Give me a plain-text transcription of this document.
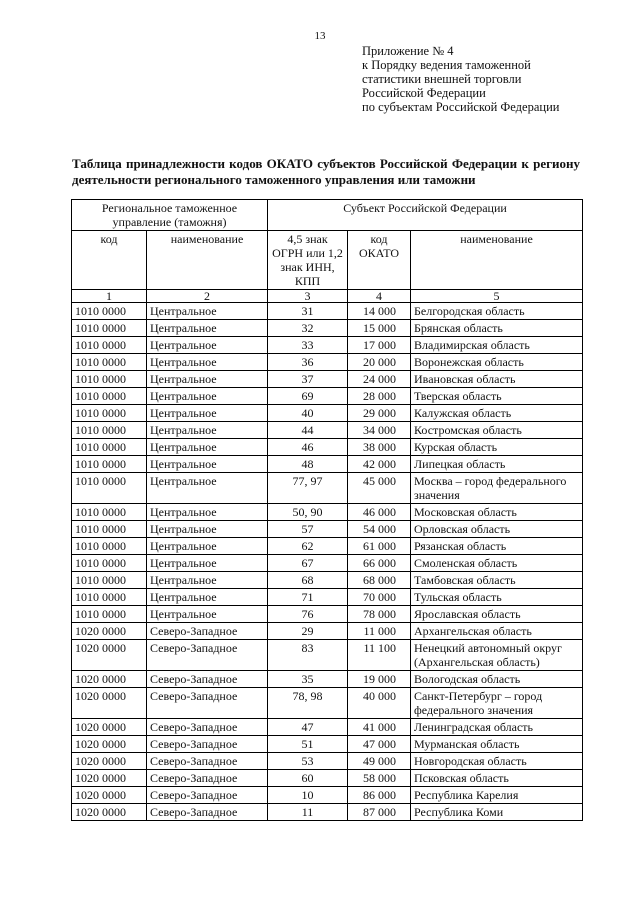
13
Приложение № 4
к Порядку ведения таможенной
статистики внешней торговли
Российской Федерации
по субъектам Российской Федерации
Таблица принадлежности кодов ОКАТО субъектов Российской Федерации к региону деятельности регионального таможенного управления или таможни
Региональное таможенное управление (таможня)		Субъект Российской Федерации		
код	наименование	4,5 знак ОГРН или 1,2 знак ИНН, КПП	код ОКАТО	наименование
1	2	3	4	5
1010 0000	Центральное	31	14 000	Белгородская область
1010 0000	Центральное	32	15 000	Брянская область
1010 0000	Центральное	33	17 000	Владимирская область
1010 0000	Центральное	36	20 000	Воронежская область
1010 0000	Центральное	37	24 000	Ивановская область
1010 0000	Центральное	69	28 000	Тверская область
1010 0000	Центральное	40	29 000	Калужская область
1010 0000	Центральное	44	34 000	Костромская область
1010 0000	Центральное	46	38 000	Курская область
1010 0000	Центральное	48	42 000	Липецкая область
1010 0000	Центральное	77, 97	45 000	Москва – город федерального значения
1010 0000	Центральное	50, 90	46 000	Московская область
1010 0000	Центральное	57	54 000	Орловская область
1010 0000	Центральное	62	61 000	Рязанская область
1010 0000	Центральное	67	66 000	Смоленская область
1010 0000	Центральное	68	68 000	Тамбовская область
1010 0000	Центральное	71	70 000	Тульская область
1010 0000	Центральное	76	78 000	Ярославская область
1020 0000	Северо-Западное	29	11 000	Архангельская область
1020 0000	Северо-Западное	83	11 100	Ненецкий автономный округ (Архангельская область)
1020 0000	Северо-Западное	35	19 000	Вологодская область
1020 0000	Северо-Западное	78, 98	40 000	Санкт-Петербург – город федерального значения
1020 0000	Северо-Западное	47	41 000	Ленинградская область
1020 0000	Северо-Западное	51	47 000	Мурманская область
1020 0000	Северо-Западное	53	49 000	Новгородская область
1020 0000	Северо-Западное	60	58 000	Псковская область
1020 0000	Северо-Западное	10	86 000	Республика Карелия
1020 0000	Северо-Западное	11	87 000	Республика Коми
